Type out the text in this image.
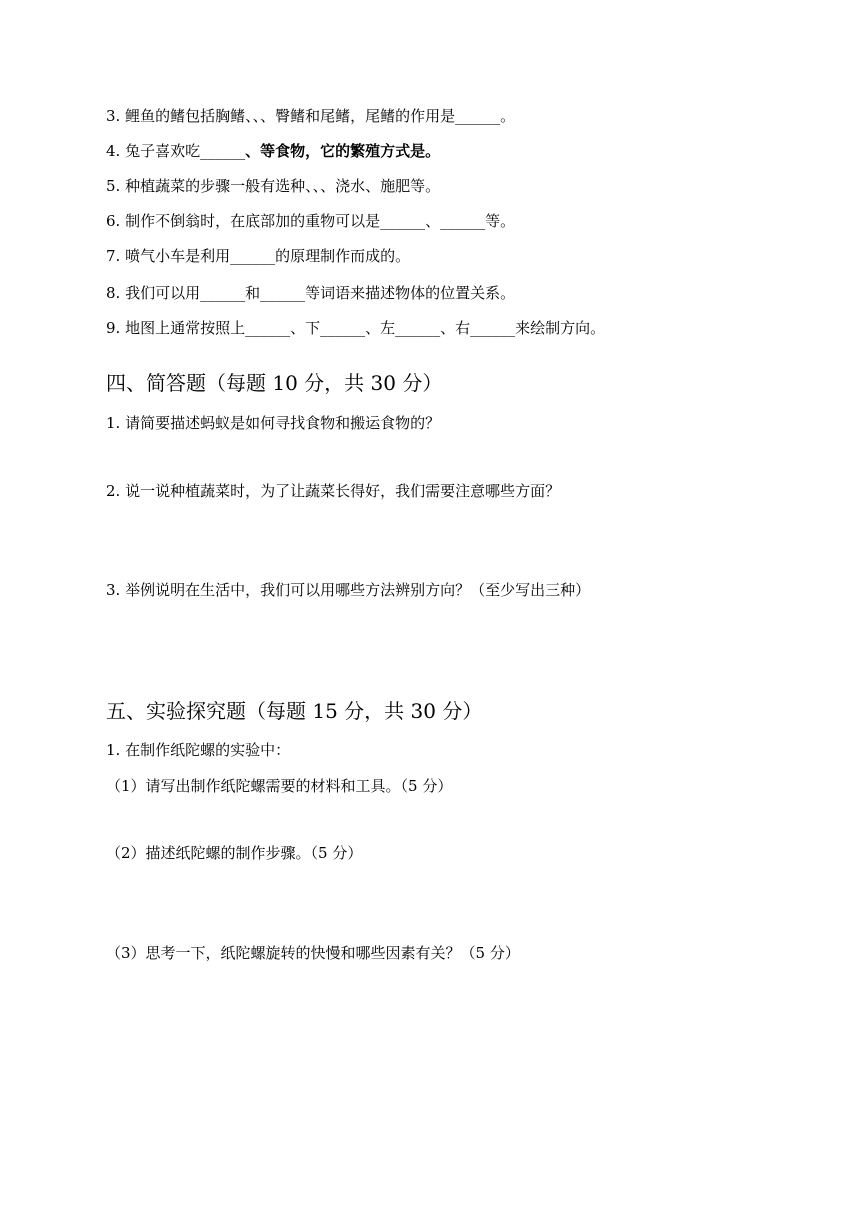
3. 鲤鱼的鳍包括胸鳍、、、臀鳍和尾鳍，尾鳍的作用是______。
4. 兔子喜欢吃______、等食物，它的繁殖方式是。
5. 种植蔬菜的步骤一般有选种、、、浇水、施肥等。
6. 制作不倒翁时，在底部加的重物可以是______、______等。
7. 喷气小车是利用______的原理制作而成的。
8. 我们可以用______和______等词语来描述物体的位置关系。
9. 地图上通常按照上______、下______、左______、右______来绘制方向。
四、简答题（每题 10 分，共 30 分）
1. 请简要描述蚂蚁是如何寻找食物和搬运食物的？
2. 说一说种植蔬菜时，为了让蔬菜长得好，我们需要注意哪些方面？
3. 举例说明在生活中，我们可以用哪些方法辨别方向？（至少写出三种）
五、实验探究题（每题 15 分，共 30 分）
1. 在制作纸陀螺的实验中：
（1）请写出制作纸陀螺需要的材料和工具。（5 分）
（2）描述纸陀螺的制作步骤。（5 分）
（3）思考一下，纸陀螺旋转的快慢和哪些因素有关？（5 分）
